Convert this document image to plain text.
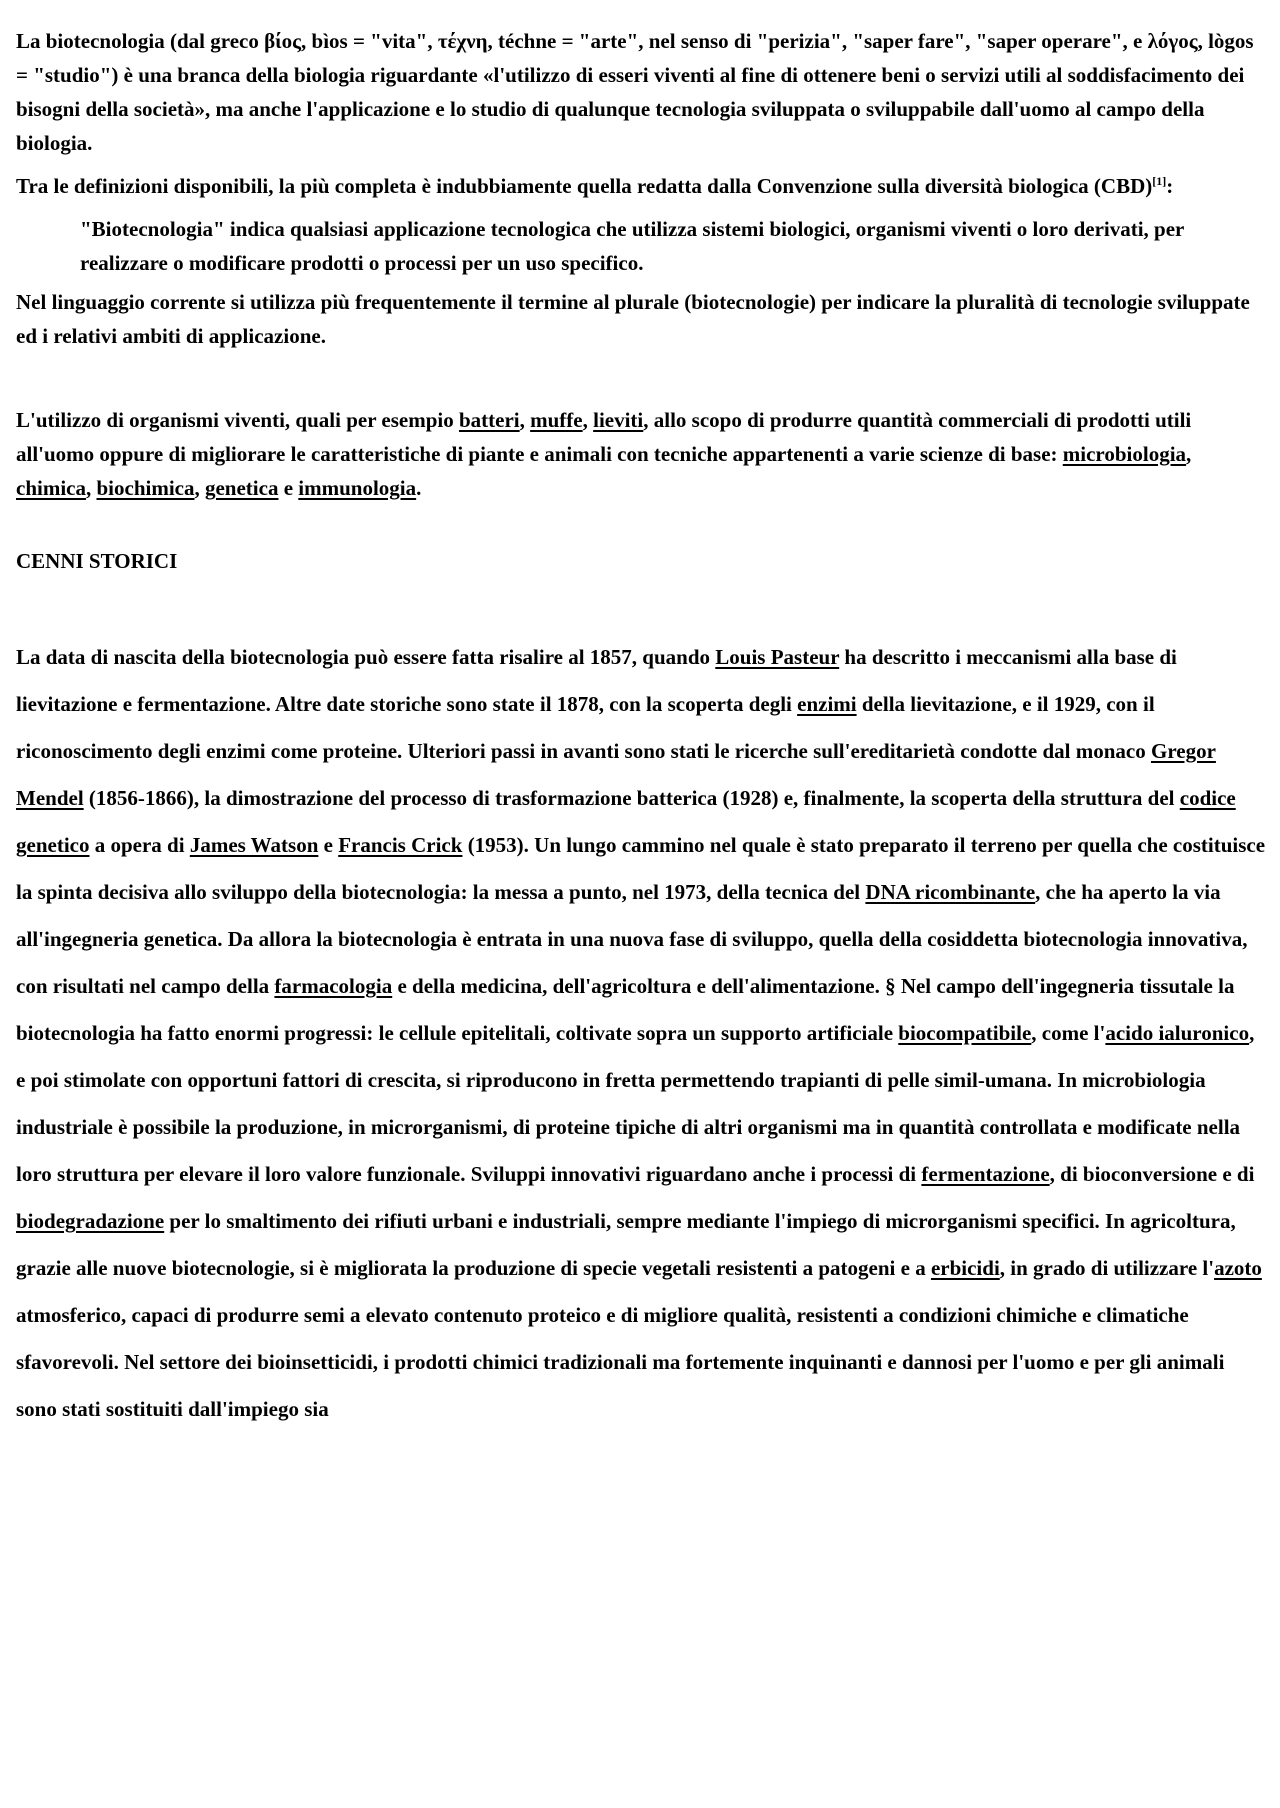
La biotecnologia (dal greco βίος, bìos = "vita", τέχνη, téchne = "arte", nel senso di "perizia", "saper fare", "saper operare", e λόγος, lògos = "studio") è una branca della biologia riguardante «l'utilizzo di esseri viventi al fine di ottenere beni o servizi utili al soddisfacimento dei bisogni della società», ma anche l'applicazione e lo studio di qualunque tecnologia sviluppata o sviluppabile dall'uomo al campo della biologia.

Tra le definizioni disponibili, la più completa è indubbiamente quella redatta dalla Convenzione sulla diversità biologica (CBD)[1]:

"Biotecnologia" indica qualsiasi applicazione tecnologica che utilizza sistemi biologici, organismi viventi o loro derivati, per realizzare o modificare prodotti o processi per un uso specifico.

Nel linguaggio corrente si utilizza più frequentemente il termine al plurale (biotecnologie) per indicare la pluralità di tecnologie sviluppate ed i relativi ambiti di applicazione.

L'utilizzo di organismi viventi, quali per esempio batteri, muffe, lieviti, allo scopo di produrre quantità commerciali di prodotti utili all'uomo oppure di migliorare le caratteristiche di piante e animali con tecniche appartenenti a varie scienze di base: microbiologia, chimica, biochimica, genetica e immunologia.

CENNI STORICI

La data di nascita della biotecnologia può essere fatta risalire al 1857, quando Louis Pasteur ha descritto i meccanismi alla base di lievitazione e fermentazione. Altre date storiche sono state il 1878, con la scoperta degli enzimi della lievitazione, e il 1929, con il riconoscimento degli enzimi come proteine. Ulteriori passi in avanti sono stati le ricerche sull'ereditarietà condotte dal monaco Gregor Mendel (1856-1866), la dimostrazione del processo di trasformazione batterica (1928) e, finalmente, la scoperta della struttura del codice genetico a opera di James Watson e Francis Crick (1953). Un lungo cammino nel quale è stato preparato il terreno per quella che costituisce la spinta decisiva allo sviluppo della biotecnologia: la messa a punto, nel 1973, della tecnica del DNA ricombinante, che ha aperto la via all'ingegneria genetica. Da allora la biotecnologia è entrata in una nuova fase di sviluppo, quella della cosiddetta biotecnologia innovativa, con risultati nel campo della farmacologia e della medicina, dell'agricoltura e dell'alimentazione. § Nel campo dell'ingegneria tissutale la biotecnologia ha fatto enormi progressi: le cellule epitelitali, coltivate sopra un supporto artificiale biocompatibile, come l'acido ialuronico, e poi stimolate con opportuni fattori di crescita, si riproducono in fretta permettendo trapianti di pelle simil-umana. In microbiologia industriale è possibile la produzione, in microrganismi, di proteine tipiche di altri organismi ma in quantità controllata e modificate nella loro struttura per elevare il loro valore funzionale. Sviluppi innovativi riguardano anche i processi di fermentazione, di bioconversione e di biodegradazione per lo smaltimento dei rifiuti urbani e industriali, sempre mediante l'impiego di microrganismi specifici. In agricoltura, grazie alle nuove biotecnologie, si è migliorata la produzione di specie vegetali resistenti a patogeni e a erbicidi, in grado di utilizzare l'azoto atmosferico, capaci di produrre semi a elevato contenuto proteico e di migliore qualità, resistenti a condizioni chimiche e climatiche sfavorevoli. Nel settore dei bioinsetticidi, i prodotti chimici tradizionali ma fortemente inquinanti e dannosi per l'uomo e per gli animali sono stati sostituiti dall'impiego sia
